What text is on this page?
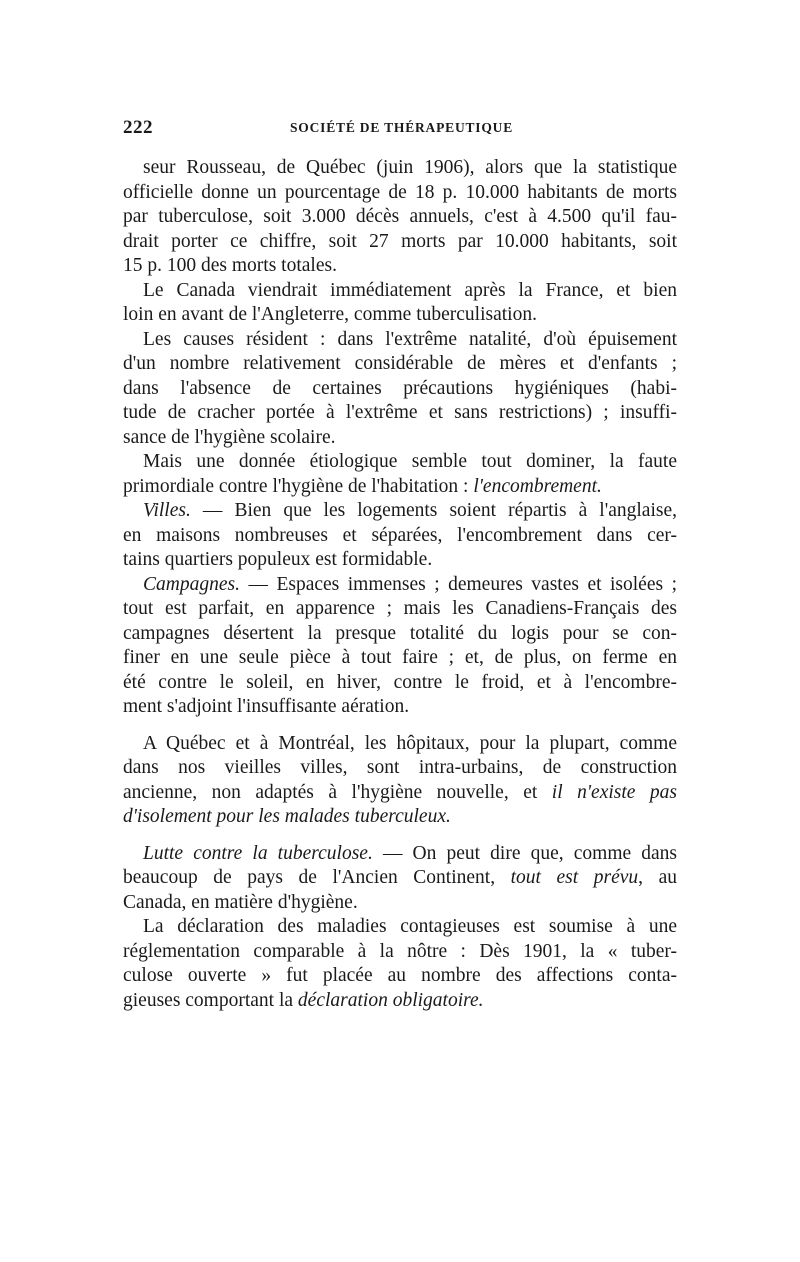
222	SOCIÉTÉ DE THÉRAPEUTIQUE
seur Rousseau, de Québec (juin 1906), alors que la statistique
officielle donne un pourcentage de 18 p. 10.000 habitants de morts
par tuberculose, soit 3.000 décès annuels, c'est à 4.500 qu'il fau-
drait porter ce chiffre, soit 27 morts par 10.000 habitants, soit
15 p. 100 des morts totales.
Le Canada viendrait immédiatement après la France, et bien
loin en avant de l'Angleterre, comme tuberculisation.
Les causes résident : dans l'extrême natalité, d'où épuisement
d'un nombre relativement considérable de mères et d'enfants ;
dans l'absence de certaines précautions hygiéniques (habi-
tude de cracher portée à l'extrême et sans restrictions) ; insuffi-
sance de l'hygiène scolaire.
Mais une donnée étiologique semble tout dominer, la faute
primordiale contre l'hygiène de l'habitation : l'encombrement.
Villes. — Bien que les logements soient répartis à l'anglaise,
en maisons nombreuses et séparées, l'encombrement dans cer-
tains quartiers populeux est formidable.
Campagnes. — Espaces immenses ; demeures vastes et isolées ;
tout est parfait, en apparence ; mais les Canadiens-Français des
campagnes désertent la presque totalité du logis pour se con-
finer en une seule pièce à tout faire ; et, de plus, on ferme en
été contre le soleil, en hiver, contre le froid, et à l'encombre-
ment s'adjoint l'insuffisante aération.
A Québec et à Montréal, les hôpitaux, pour la plupart, comme
dans nos vieilles villes, sont intra-urbains, de construction
ancienne, non adaptés à l'hygiène nouvelle, et il n'existe pas
d'isolement pour les malades tuberculeux.
Lutte contre la tuberculose. — On peut dire que, comme dans
beaucoup de pays de l'Ancien Continent, tout est prévu, au
Canada, en matière d'hygiène.
La déclaration des maladies contagieuses est soumise à une
réglementation comparable à la nôtre : Dès 1901, la « tuber-
culose ouverte » fut placée au nombre des affections conta-
gieuses comportant la déclaration obligatoire.
